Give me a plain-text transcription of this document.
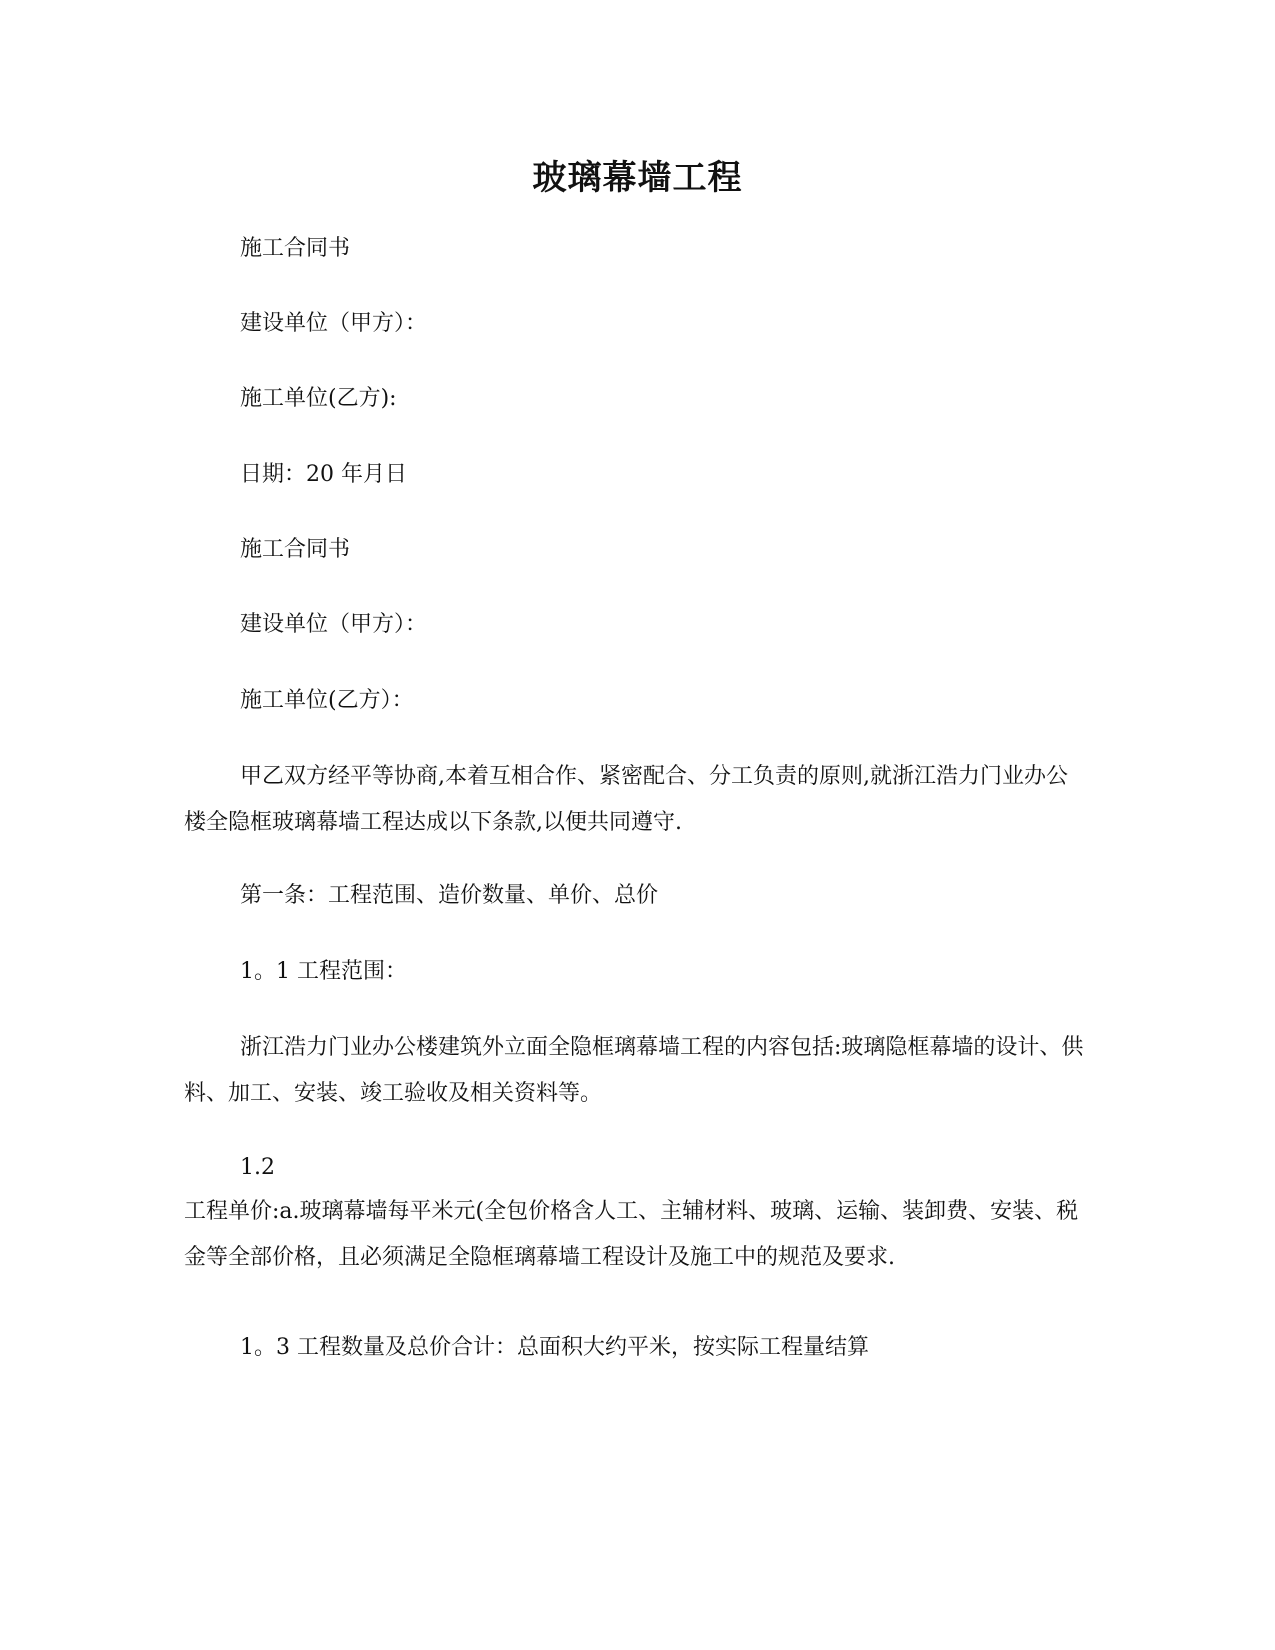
玻璃幕墙工程
施工合同书
建设单位（甲方）：
施工单位(乙方):
日期：20 年月日
施工合同书
建设单位（甲方）：
施工单位(乙方）：

甲乙双方经平等协商,本着互相合作、紧密配合、分工负责的原则,就浙江浩力门业办公楼全隐框玻璃幕墙工程达成以下条款,以便共同遵守.

第一条：工程范围、造价数量、单价、总价
1。1 工程范围：

浙江浩力门业办公楼建筑外立面全隐框璃幕墙工程的内容包括:玻璃隐框幕墙的设计、供料、加工、安装、竣工验收及相关资料等。

1.2

工程单价:a.玻璃幕墙每平米元(全包价格含人工、主辅材料、玻璃、运输、装卸费、安装、税金等全部价格，且必须满足全隐框璃幕墙工程设计及施工中的规范及要求.

1。3 工程数量及总价合计：总面积大约平米，按实际工程量结算
